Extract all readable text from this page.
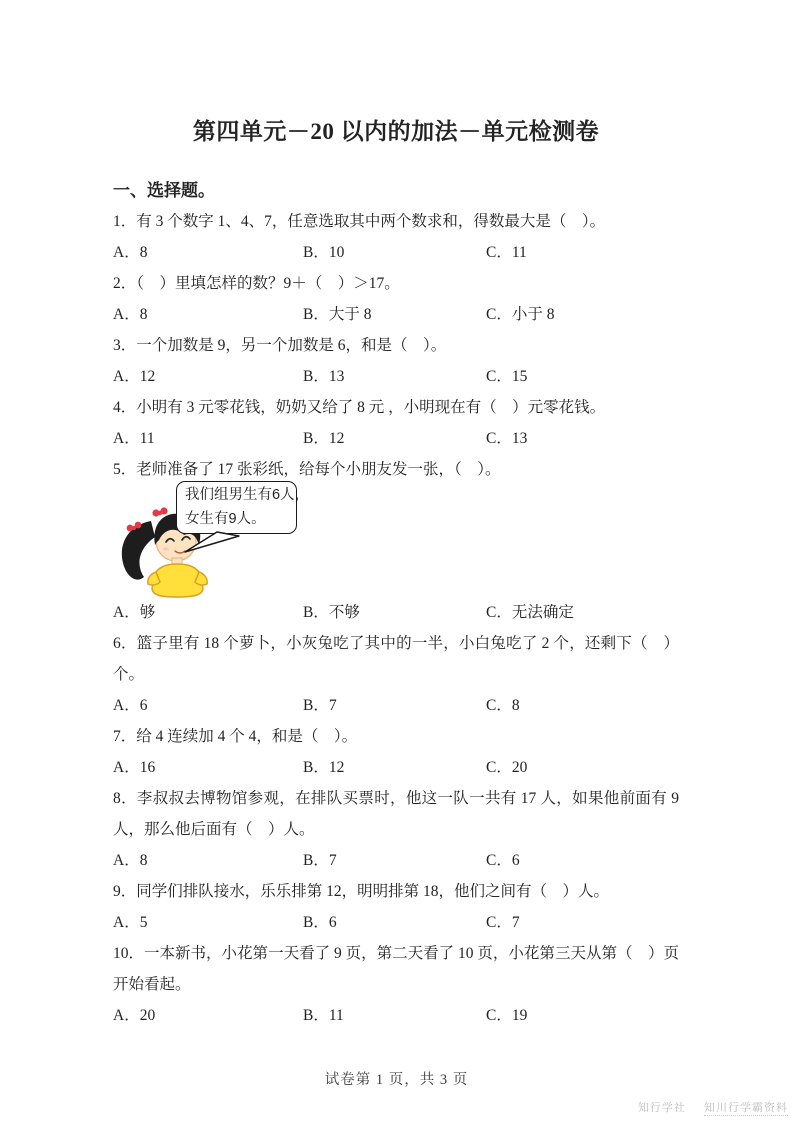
第四单元－20 以内的加法－单元检测卷
一、选择题。
1．有 3 个数字 1、4、7，任意选取其中两个数求和，得数最大是（　）。
A．8	B．10	C．11
2．（　）里填怎样的数？9＋（　）＞17。
A．8	B．大于 8	C．小于 8
3．一个加数是 9，另一个加数是 6，和是（　）。
A．12	B．13	C．15
4．小明有 3 元零花钱，奶奶又给了 8 元 ，小明现在有（　）元零花钱。
A．11	B．12	C．13
5．老师准备了 17 张彩纸，给每个小朋友发一张，（　）。
我们组男生有6人，
女生有9人。
A．够	B．不够	C．无法确定
6．篮子里有 18 个萝卜，小灰兔吃了其中的一半，小白兔吃了 2 个，还剩下（　）个。
A．6	B．7	C．8
7．给 4 连续加 4 个 4，和是（　）。
A．16	B．12	C．20
8．李叔叔去博物馆参观，在排队买票时，他这一队一共有 17 人，如果他前面有 9 人，那么他后面有（　）人。
A．8	B．7	C．6
9．同学们排队接水，乐乐排第 12，明明排第 18，他们之间有（　）人。
A．5	B．6	C．7
10．一本新书，小花第一天看了 9 页，第二天看了 10 页，小花第三天从第（　）页开始看起。
A．20	B．11	C．19
试卷第 1 页，共 3 页
知行学社 知川行学霸资料
